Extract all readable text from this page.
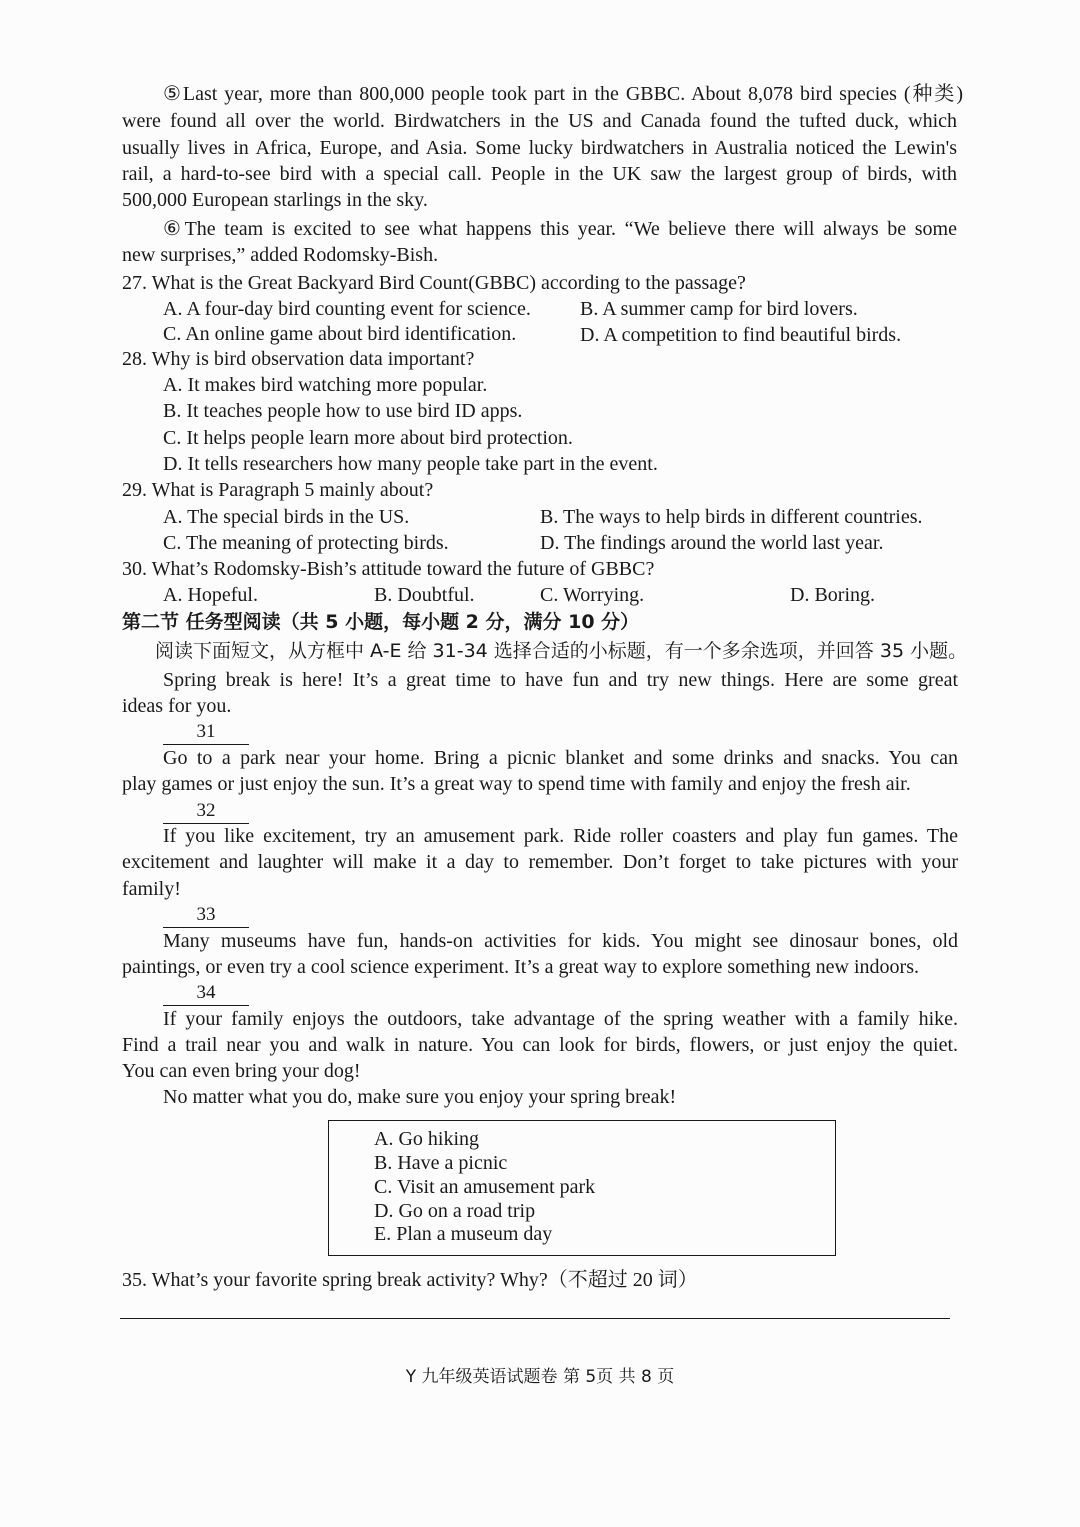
⑤Last year, more than 800,000 people took part in the GBBC. About 8,078 bird species (种类)
were found all over the world. Birdwatchers in the US and Canada found the tufted duck, which
usually lives in Africa, Europe, and Asia. Some lucky birdwatchers in Australia noticed the Lewin's
rail, a hard-to-see bird with a special call. People in the UK saw the largest group of birds, with
500,000 European starlings in the sky.
⑥The team is excited to see what happens this year. “We believe there will always be some
new surprises,” added Rodomsky-Bish.
27. What is the Great Backyard Bird Count(GBBC) according to the passage?
A. A four-day bird counting event for science. B. A summer camp for bird lovers.
C. An online game about bird identification.	D. A competition to find beautiful birds.
28. Why is bird observation data important?
A. It makes bird watching more popular.
B. It teaches people how to use bird ID apps.
C. It helps people learn more about bird protection.
D. It tells researchers how many people take part in the event.
29. What is Paragraph 5 mainly about?
A. The special birds in the US.	B. The ways to help birds in different countries.
C. The meaning of protecting birds.	D. The findings around the world last year.
30. What’s Rodomsky-Bish’s attitude toward the future of GBBC?
A. Hopeful.	B. Doubtful.	C. Worrying.	D. Boring.
第二节 任务型阅读（共 5 小题，每小题 2 分，满分 10 分）
阅读下面短文，从方框中 A-E 给 31-34 选择合适的小标题，有一个多余选项，并回答 35 小题。
Spring break is here! It’s a great time to have fun and try new things. Here are some great
ideas for you.
31
Go to a park near your home. Bring a picnic blanket and some drinks and snacks. You can
play games or just enjoy the sun. It’s a great way to spend time with family and enjoy the fresh air.
32
If you like excitement, try an amusement park. Ride roller coasters and play fun games. The
excitement and laughter will make it a day to remember. Don’t forget to take pictures with your
family!
33
Many museums have fun, hands-on activities for kids. You might see dinosaur bones, old
paintings, or even try a cool science experiment. It’s a great way to explore something new indoors.
34
If your family enjoys the outdoors, take advantage of the spring weather with a family hike.
Find a trail near you and walk in nature. You can look for birds, flowers, or just enjoy the quiet.
You can even bring your dog!
No matter what you do, make sure you enjoy your spring break!
A. Go hiking
B. Have a picnic
C. Visit an amusement park
D. Go on a road trip
E. Plan a museum day
35. What’s your favorite spring break activity? Why?（不超过 20 词）
Y 九年级英语试题卷 第 5页 共 8 页
